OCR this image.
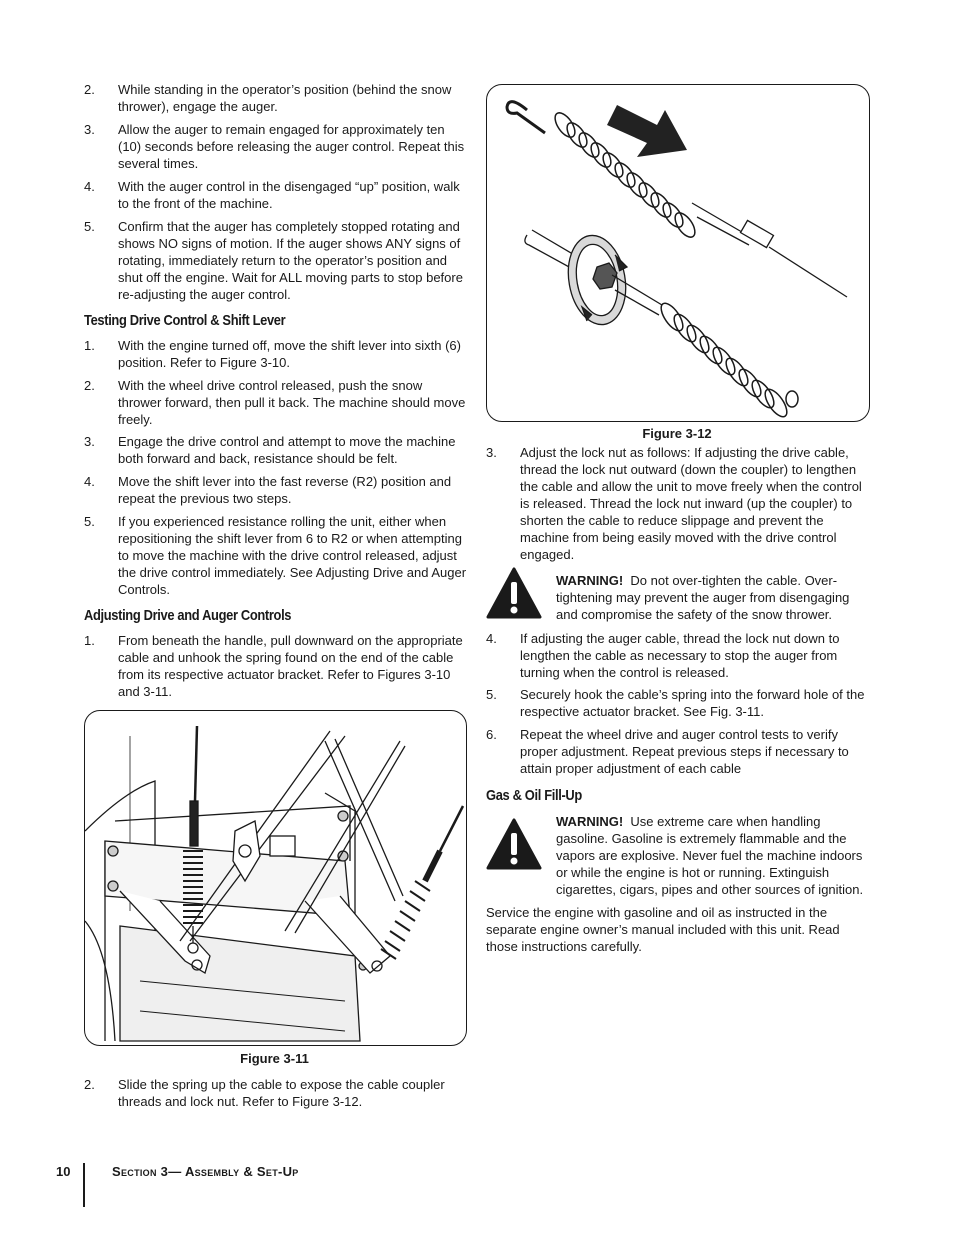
2.	While standing in the operator’s position (behind the snow thrower), engage the auger.
3.	Allow the auger to remain engaged for approximately ten (10) seconds before releasing the auger control. Repeat this several times.
4.	With the auger control in the disengaged “up” position, walk to the front of the machine.
5.	Confirm that the auger has completely stopped rotating and shows NO signs of motion. If the auger shows ANY signs of rotating, immediately return to the operator’s position and shut off the engine. Wait for ALL moving parts to stop before re-adjusting the auger control.
Testing Drive Control & Shift Lever
1.	With the engine turned off, move the shift lever into sixth (6) position. Refer to Figure 3-10.
2.	With the wheel drive control released, push the snow thrower forward, then pull it back. The machine should move freely.
3.	Engage the drive control and attempt to move the machine both forward and back, resistance should be felt.
4.	Move the shift lever into the fast reverse (R2) position and repeat the previous two steps.
5.	If you experienced resistance rolling the unit, either when repositioning the shift lever from 6 to R2 or when attempting to move the machine with the drive control released, adjust the drive control immediately. See Adjusting Drive and Auger Controls.
Adjusting Drive and Auger Controls
1.	From beneath the handle, pull downward on the appropriate cable and unhook the spring found on the end of the cable from its respective actuator bracket. Refer to Figures 3-10 and 3-11.
Figure 3-11
2.	Slide the spring up the cable to expose the cable coupler threads and lock nut. Refer to Figure 3-12.
Figure 3-12
3.	Adjust the lock nut as follows: If adjusting the drive cable, thread the lock nut outward (down the coupler) to lengthen the cable and allow the unit to move freely when the control is released. Thread the lock nut inward (up the coupler) to shorten the cable to reduce slippage and prevent the machine from being easily moved with the drive control engaged.
WARNING! Do not over-tighten the cable. Over-tightening may prevent the auger from disengaging and compromise the safety of the snow thrower.
4.	If adjusting the auger cable, thread the lock nut down to lengthen the cable as necessary to stop the auger from turning when the control is released.
5.	Securely hook the cable’s spring into the forward hole of the respective actuator bracket. See Fig. 3-11.
6.	Repeat the wheel drive and auger control tests to verify proper adjustment. Repeat previous steps if necessary to attain proper adjustment of each cable
Gas & Oil Fill-Up
WARNING! Use extreme care when handling gasoline. Gasoline is extremely flammable and the vapors are explosive. Never fuel the machine indoors or while the engine is hot or running. Extinguish cigarettes, cigars, pipes and other sources of ignition.
Service the engine with gasoline and oil as instructed in the separate engine owner’s manual included with this unit. Read those instructions carefully.
10	Section 3— Assembly & Set-Up
